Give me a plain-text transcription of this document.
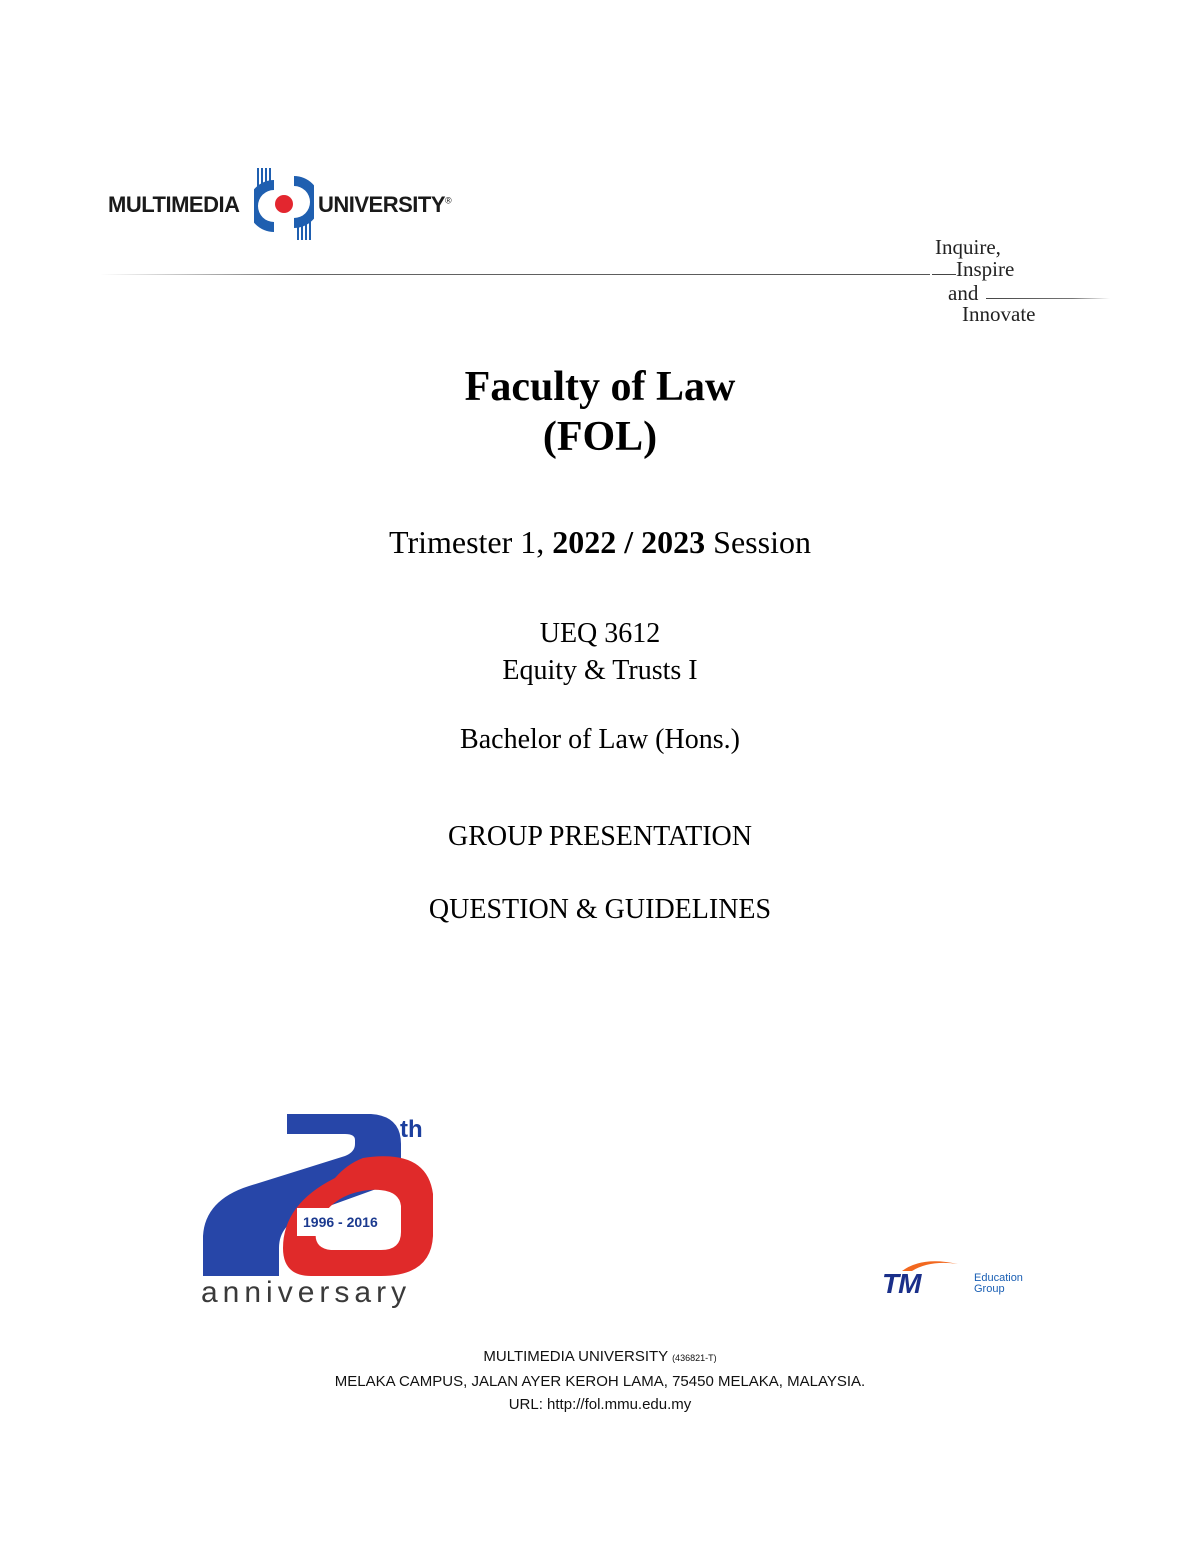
MULTIMEDIA	UNIVERSITY®
Inquire,
Inspire
and
Innovate
Faculty of Law
(FOL)
Trimester 1, 2022 / 2023 Session
UEQ 3612
Equity & Trusts I
Bachelor of Law (Hons.)
GROUP PRESENTATION
QUESTION & GUIDELINES
th
1996 - 2016
anniversary	TM	Education
Group
MULTIMEDIA UNIVERSITY (436821-T)
MELAKA CAMPUS, JALAN AYER KEROH LAMA, 75450 MELAKA, MALAYSIA.
URL: http://fol.mmu.edu.my
